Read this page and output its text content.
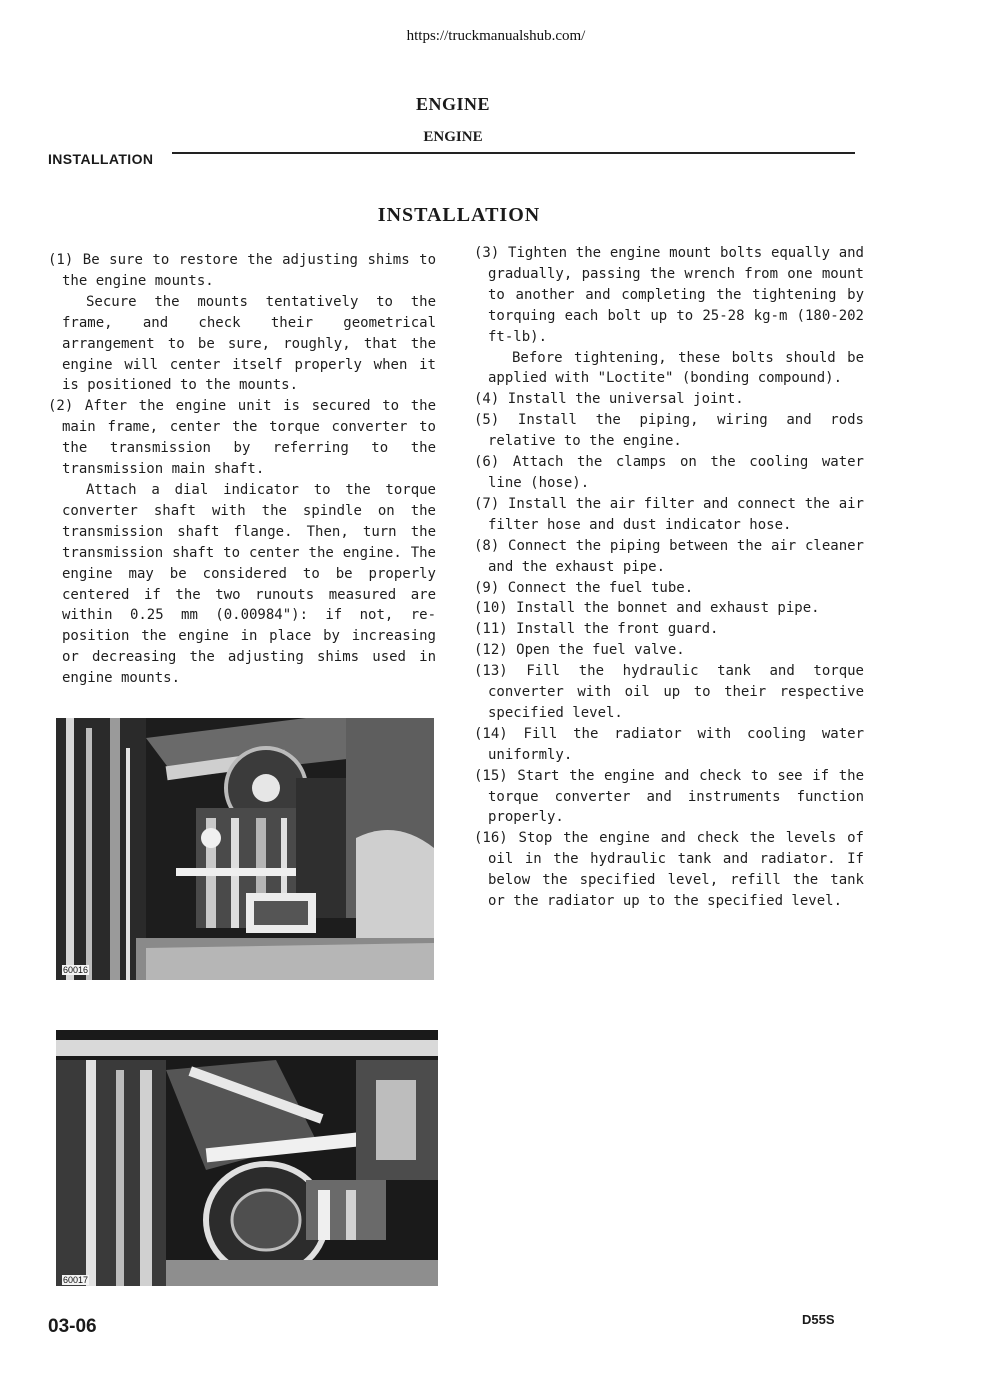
https://truckmanualshub.com/
ENGINE
ENGINE
INSTALLATION
INSTALLATION

(1) Be sure to restore the adjusting shims to the engine mounts.

Secure the mounts tentatively to the frame, and check their geometrical arrangement to be sure, roughly, that the engine will center itself properly when it is positioned to the mounts.

(2) After the engine unit is secured to the main frame, center the torque converter to the transmission by referring to the transmission main shaft.

Attach a dial indicator to the torque converter shaft with the spindle on the transmission shaft flange. Then, turn the transmission shaft to center the engine. The engine may be considered to be properly centered if the two runouts measured are within 0.25 mm (0.00984"): if not, re-position the engine in place by increasing or decreasing the adjusting shims used in engine mounts.

(3) Tighten the engine mount bolts equally and gradually, passing the wrench from one mount to another and completing the tightening by torquing each bolt up to 25-28 kg-m (180-202 ft-lb).

Before tightening, these bolts should be applied with "Loctite" (bonding compound).

(4) Install the universal joint.

(5) Install the piping, wiring and rods relative to the engine.

(6) Attach the clamps on the cooling water line (hose).

(7) Install the air filter and connect the air filter hose and dust indicator hose.

(8) Connect the piping between the air cleaner and the exhaust pipe.

(9) Connect the fuel tube.

(10) Install the bonnet and exhaust pipe.

(11) Install the front guard.

(12) Open the fuel valve.

(13) Fill the hydraulic tank and torque converter with oil up to their respective specified level.

(14) Fill the radiator with cooling water uniformly.

(15) Start the engine and check to see if the torque converter and instruments function properly.

(16) Stop the engine and check the levels of oil in the hydraulic tank and radiator. If below the specified level, refill the tank or the radiator up to the specified level.

60016
60017
03-06	D55S
